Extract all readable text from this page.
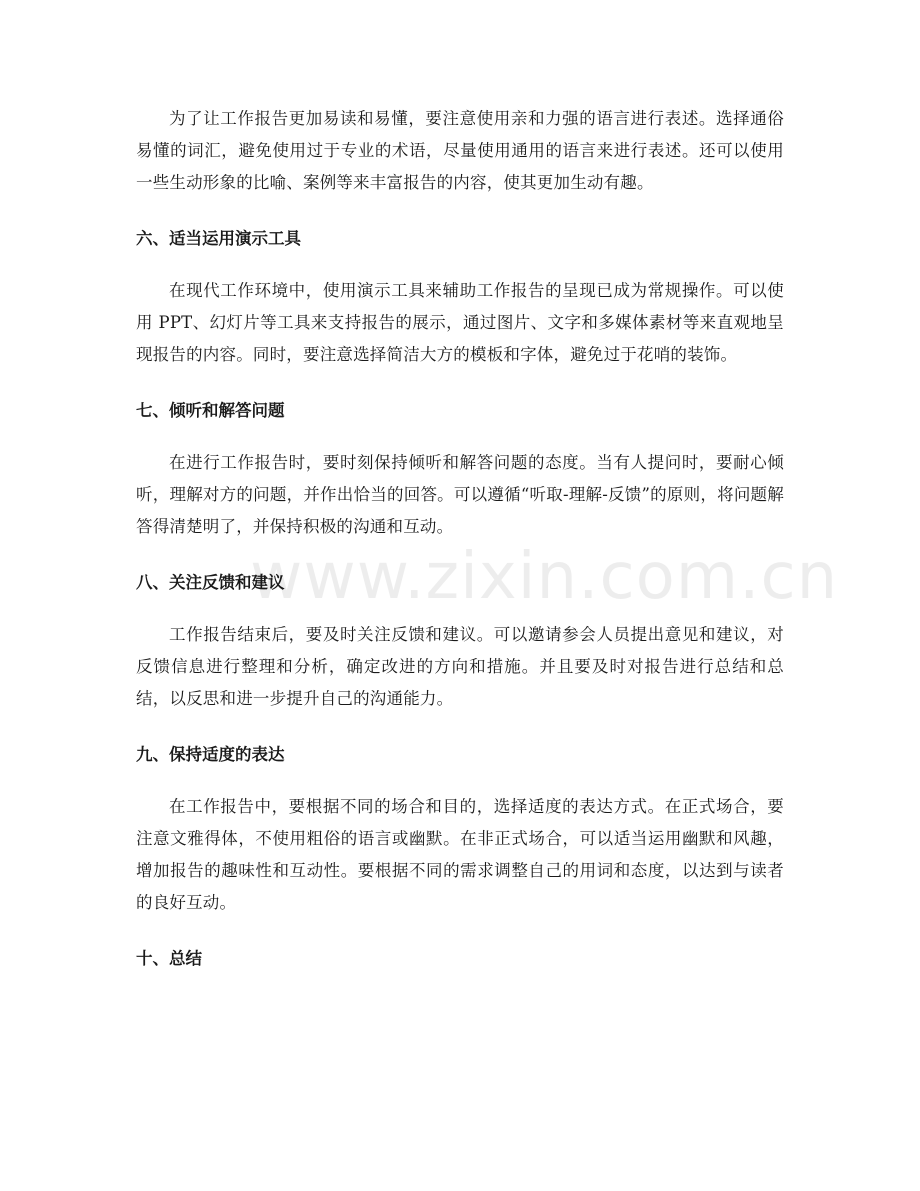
www.zixin.com.cn

为了让工作报告更加易读和易懂，要注意使用亲和力强的语言进行表述。选择通俗易懂的词汇，避免使用过于专业的术语，尽量使用通用的语言来进行表述。还可以使用一些生动形象的比喻、案例等来丰富报告的内容，使其更加生动有趣。

六、适当运用演示工具

在现代工作环境中，使用演示工具来辅助工作报告的呈现已成为常规操作。可以使用 PPT、幻灯片等工具来支持报告的展示，通过图片、文字和多媒体素材等来直观地呈现报告的内容。同时，要注意选择简洁大方的模板和字体，避免过于花哨的装饰。

七、倾听和解答问题

在进行工作报告时，要时刻保持倾听和解答问题的态度。当有人提问时，要耐心倾听，理解对方的问题，并作出恰当的回答。可以遵循“听取-理解-反馈”的原则，将问题解答得清楚明了，并保持积极的沟通和互动。

八、关注反馈和建议

工作报告结束后，要及时关注反馈和建议。可以邀请参会人员提出意见和建议，对反馈信息进行整理和分析，确定改进的方向和措施。并且要及时对报告进行总结和总结，以反思和进一步提升自己的沟通能力。

九、保持适度的表达

在工作报告中，要根据不同的场合和目的，选择适度的表达方式。在正式场合，要注意文雅得体，不使用粗俗的语言或幽默。在非正式场合，可以适当运用幽默和风趣，增加报告的趣味性和互动性。要根据不同的需求调整自己的用词和态度，以达到与读者的良好互动。

十、总结
